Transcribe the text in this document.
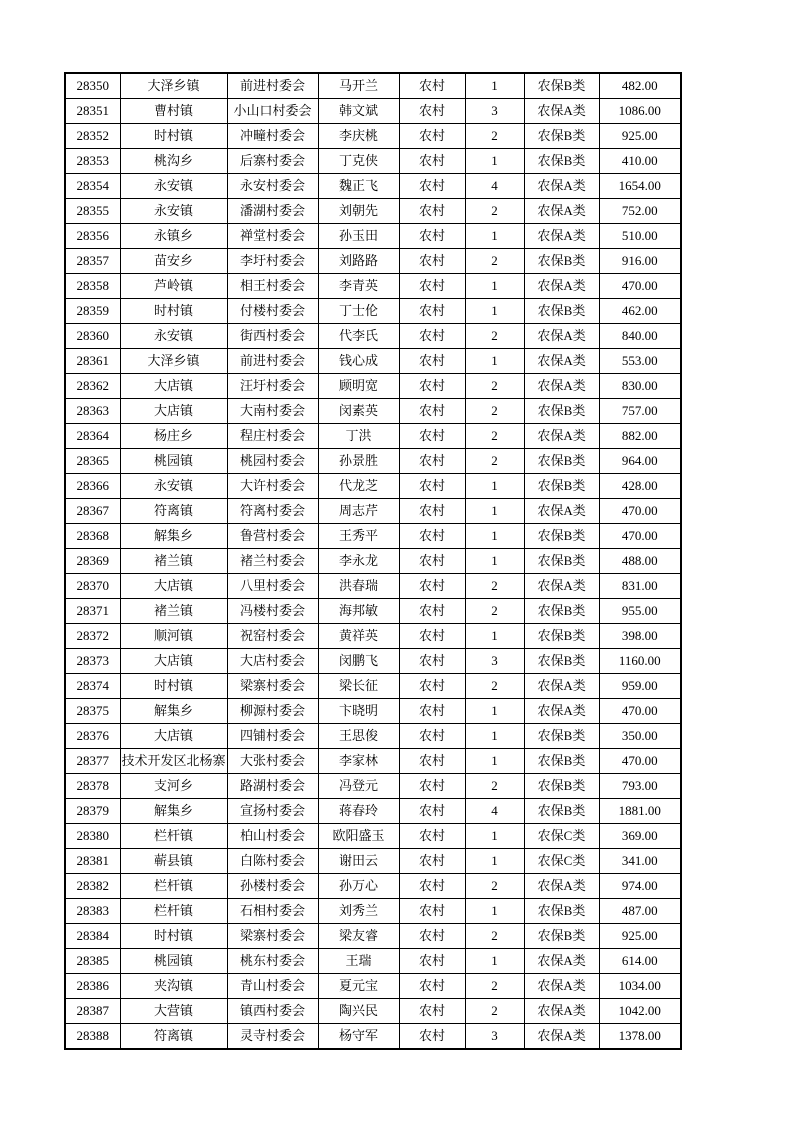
28350	大泽乡镇	前进村委会	马开兰	农村	1	农保B类	482.00
28351	曹村镇	小山口村委会	韩文斌	农村	3	农保A类	1086.00
28352	时村镇	冲疃村委会	李庆桃	农村	2	农保B类	925.00
28353	桃沟乡	后寨村委会	丁克侠	农村	1	农保B类	410.00
28354	永安镇	永安村委会	魏正飞	农村	4	农保A类	1654.00
28355	永安镇	潘湖村委会	刘朝先	农村	2	农保A类	752.00
28356	永镇乡	禅堂村委会	孙玉田	农村	1	农保A类	510.00
28357	苗安乡	李圩村委会	刘路路	农村	2	农保B类	916.00
28358	芦岭镇	相王村委会	李青英	农村	1	农保A类	470.00
28359	时村镇	付楼村委会	丁士伦	农村	1	农保B类	462.00
28360	永安镇	街西村委会	代李氏	农村	2	农保A类	840.00
28361	大泽乡镇	前进村委会	钱心成	农村	1	农保A类	553.00
28362	大店镇	汪圩村委会	顾明宽	农村	2	农保A类	830.00
28363	大店镇	大南村委会	闵素英	农村	2	农保B类	757.00
28364	杨庄乡	程庄村委会	丁洪	农村	2	农保A类	882.00
28365	桃园镇	桃园村委会	孙景胜	农村	2	农保B类	964.00
28366	永安镇	大许村委会	代龙芝	农村	1	农保B类	428.00
28367	符离镇	符离村委会	周志芹	农村	1	农保A类	470.00
28368	解集乡	鲁营村委会	王秀平	农村	1	农保B类	470.00
28369	褚兰镇	褚兰村委会	李永龙	农村	1	农保B类	488.00
28370	大店镇	八里村委会	洪春瑞	农村	2	农保A类	831.00
28371	褚兰镇	冯楼村委会	海邦敏	农村	2	农保B类	955.00
28372	顺河镇	祝窑村委会	黄祥英	农村	1	农保B类	398.00
28373	大店镇	大店村委会	闵鹏飞	农村	3	农保B类	1160.00
28374	时村镇	梁寨村委会	梁长征	农村	2	农保A类	959.00
28375	解集乡	柳源村委会	卞晓明	农村	1	农保A类	470.00
28376	大店镇	四铺村委会	王思俊	农村	1	农保B类	350.00
28377	技术开发区北杨寨	大张村委会	李家林	农村	1	农保B类	470.00
28378	支河乡	路湖村委会	冯登元	农村	2	农保B类	793.00
28379	解集乡	宣扬村委会	蒋春玲	农村	4	农保B类	1881.00
28380	栏杆镇	柏山村委会	欧阳盛玉	农村	1	农保C类	369.00
28381	蕲县镇	白陈村委会	谢田云	农村	1	农保C类	341.00
28382	栏杆镇	孙楼村委会	孙万心	农村	2	农保A类	974.00
28383	栏杆镇	石相村委会	刘秀兰	农村	1	农保B类	487.00
28384	时村镇	梁寨村委会	梁友睿	农村	2	农保B类	925.00
28385	桃园镇	桃东村委会	王瑞	农村	1	农保A类	614.00
28386	夹沟镇	青山村委会	夏元宝	农村	2	农保A类	1034.00
28387	大营镇	镇西村委会	陶兴民	农村	2	农保A类	1042.00
28388	符离镇	灵寺村委会	杨守军	农村	3	农保A类	1378.00
